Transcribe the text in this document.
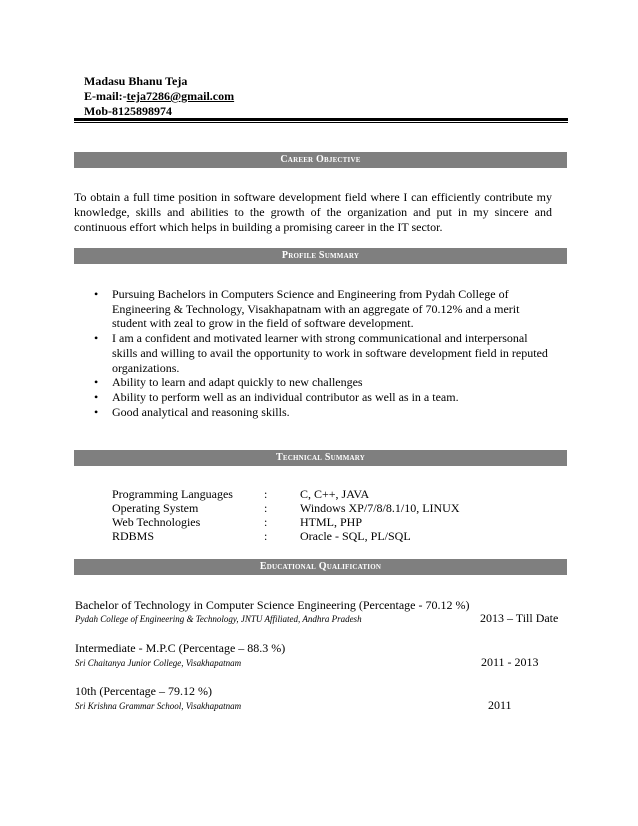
Madasu Bhanu Teja
E-mail:-teja7286@gmail.com
Mob-8125898974
Career Objective
To obtain a full time position in software development field where I can efficiently contribute my knowledge, skills and abilities to the growth of the organization and put in my sincere and continuous effort which helps in building a promising career in the IT sector.
Profile Summary
• Pursuing Bachelors in Computers Science and Engineering from Pydah College of Engineering & Technology, Visakhapatnam with an aggregate of 70.12% and a merit student with zeal to grow in the field of software development.
• I am a confident and motivated learner with strong communicational and interpersonal skills and willing to avail the opportunity to work in software development field in reputed organizations.
• Ability to learn and adapt quickly to new challenges
• Ability to perform well as an individual contributor as well as in a team.
• Good analytical and reasoning skills.
Technical Summary
Programming Languages	:	C, C++, JAVA
Operating System	:	Windows XP/7/8/8.1/10, LINUX
Web Technologies	:	HTML, PHP
RDBMS	:	Oracle - SQL, PL/SQL
Educational Qualification
Bachelor of Technology in Computer Science Engineering (Percentage - 70.12 %)
Pydah College of Engineering & Technology, JNTU Affiliated, Andhra Pradesh	2013 – Till Date
Intermediate - M.P.C (Percentage – 88.3 %)
Sri Chaitanya Junior College, Visakhapatnam	2011 - 2013
10th (Percentage – 79.12 %)
Sri Krishna Grammar School, Visakhapatnam	2011
